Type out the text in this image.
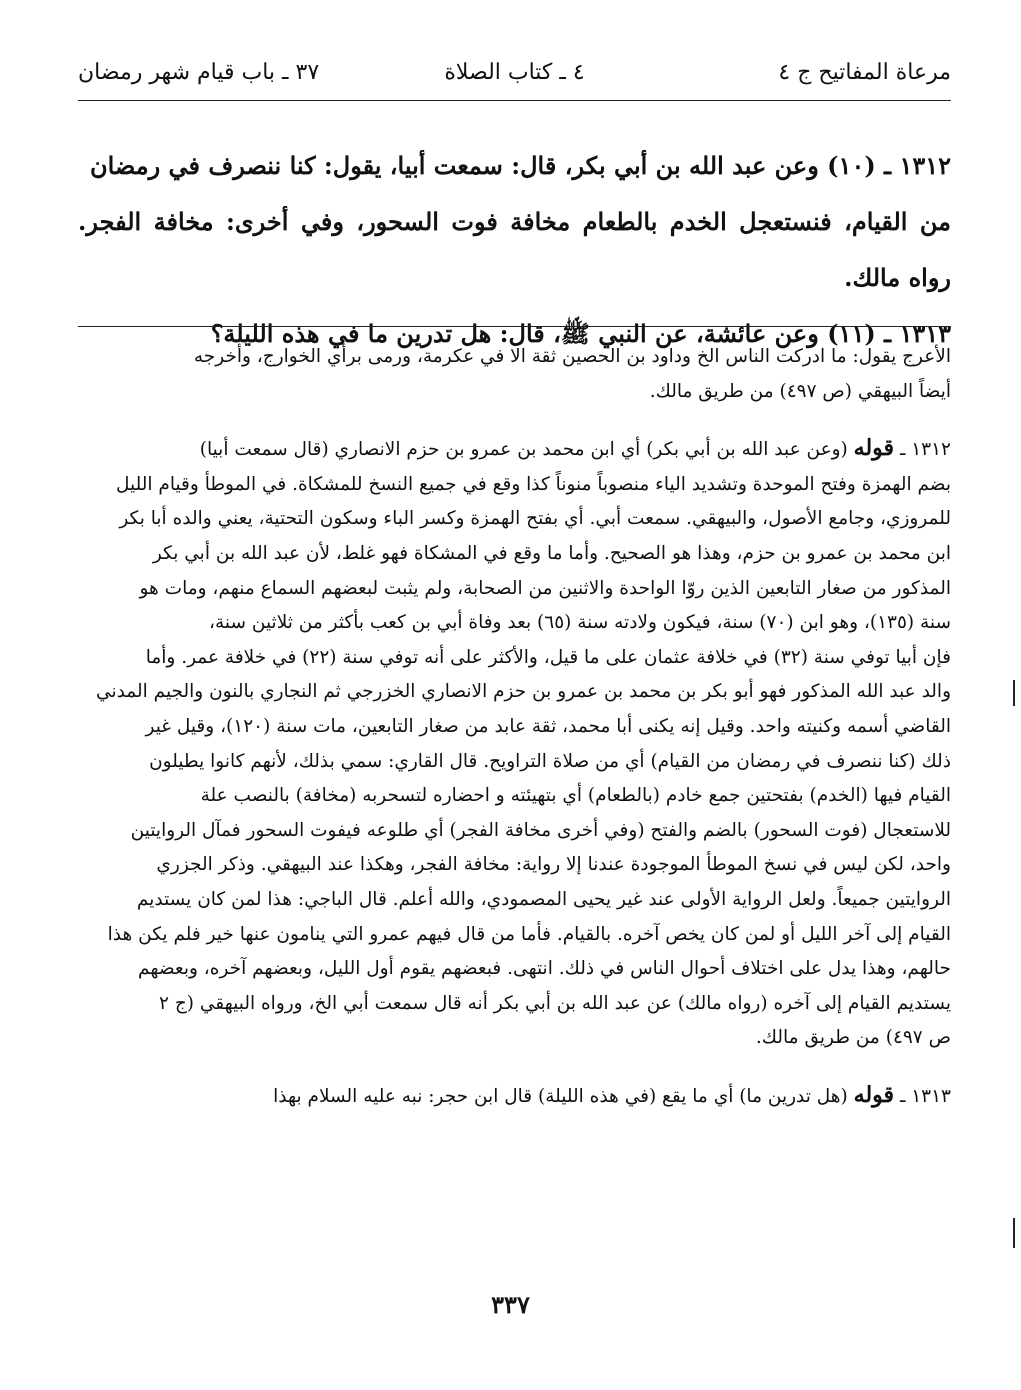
مرعاة المفاتيح ج ٤
٤ ـ كتاب الصلاة
٣٧ ـ باب قيام شهر رمضان

١٣١٢ ـ (١٠) وعن عبد الله بن أبي بكر، قال: سمعت أبيا، يقول: كنا ننصرف في رمضان

من القيام، فنستعجل الخدم بالطعام مخافة فوت السحور، وفي أخرى: مخافة الفجر. رواه مالك.

١٣١٣ ـ (١١) وعن عائشة، عن النبي ﷺ، قال: هل تدرين ما في هذه الليلة؟

الأعرج يقول: ما ادركت الناس الخ وداود بن الحصين ثقة الا في عكرمة، ورمى برأي الخوارج، وأخرجه

أيضاً البيهقي (ص ٤٩٧) من طريق مالك.

١٣١٢ ـ قوله (وعن عبد الله بن أبي بكر) أي ابن محمد بن عمرو بن حزم الانصاري (قال سمعت أبيا)

بضم الهمزة وفتح الموحدة وتشديد الياء منصوباً منوناً كذا وقع في جميع النسخ للمشكاة. في الموطأ وقيام الليل

للمروزي، وجامع الأصول، والبيهقي. سمعت أبي. أي بفتح الهمزة وكسر الباء وسكون التحتية، يعني والده أبا بكر

ابن محمد بن عمرو بن حزم، وهذا هو الصحيح. وأما ما وقع في المشكاة فهو غلط، لأن عبد الله بن أبي بكر

المذكور من صغار التابعين الذين روّا الواحدة والاثنين من الصحابة، ولم يثبت لبعضهم السماع منهم، ومات هو

سنة (١٣٥)، وهو ابن (٧٠) سنة، فيكون ولادته سنة (٦٥) بعد وفاة أبي بن كعب بأكثر من ثلاثين سنة،

فإن أبيا توفي سنة (٣٢) في خلافة عثمان على ما قيل، والأكثر على أنه توفي سنة (٢٢) في خلافة عمر. وأما

والد عبد الله المذكور فهو أبو بكر بن محمد بن عمرو بن حزم الانصاري الخزرجي ثم النجاري بالنون والجيم المدني

القاضي أسمه وكنيته واحد. وقيل إنه يكنى أبا محمد، ثقة عابد من صغار التابعين، مات سنة (١٢٠)، وقيل غير

ذلك (كنا ننصرف في رمضان من القيام) أي من صلاة التراويح. قال القاري: سمي بذلك، لأنهم كانوا يطيلون

القيام فيها (الخدم) بفتحتين جمع خادم (بالطعام) أي بتهيئته و احضاره لتسحربه (مخافة) بالنصب علة

للاستعجال (فوت السحور) بالضم والفتح (وفي أخرى مخافة الفجر) أي طلوعه فيفوت السحور فمآل الروايتين

واحد، لكن ليس في نسخ الموطأ الموجودة عندنا إلا رواية: مخافة الفجر، وهكذا عند البيهقي. وذكر الجزري

الروايتين جميعاً. ولعل الرواية الأولى عند غير يحيى المصمودي، والله أعلم. قال الباجي: هذا لمن كان يستديم

القيام إلى آخر الليل أو لمن كان يخص آخره. بالقيام. فأما من قال فيهم عمرو التي ينامون عنها خير فلم يكن هذا

حالهم، وهذا يدل على اختلاف أحوال الناس في ذلك. انتهى. فبعضهم يقوم أول الليل، وبعضهم آخره، وبعضهم

يستديم القيام إلى آخره (رواه مالك) عن عبد الله بن أبي بكر أنه قال سمعت أبي الخ، ورواه البيهقي (ج ٢

ص ٤٩٧) من طريق مالك.

١٣١٣ ـ قوله (هل تدرين ما) أي ما يقع (في هذه الليلة) قال ابن حجر: نبه عليه السلام بهذا

٣٣٧
